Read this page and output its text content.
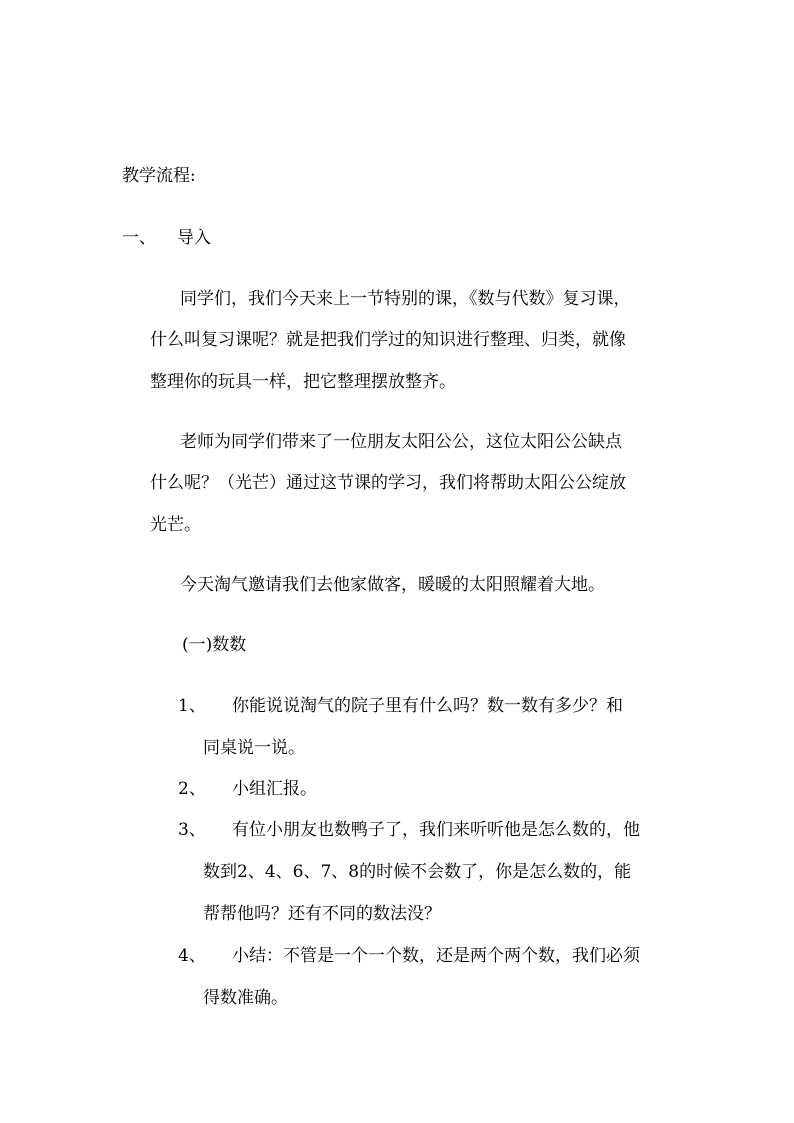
教学流程:
一、 导入
同学们，我们今天来上一节特别的课，《数与代数》复习课，
什么叫复习课呢？就是把我们学过的知识进行整理、归类，就像
整理你的玩具一样，把它整理摆放整齐。
老师为同学们带来了一位朋友太阳公公，这位太阳公公缺点
什么呢？（光芒）通过这节课的学习，我们将帮助太阳公公绽放
光芒。
今天淘气邀请我们去他家做客，暖暖的太阳照耀着大地。
(一)数数
1、 你能说说淘气的院子里有什么吗？数一数有多少？和
同桌说一说。
2、 小组汇报。
3、 有位小朋友也数鸭子了，我们来听听他是怎么数的，他
数到2、4、6、7、8的时候不会数了，你是怎么数的，能
帮帮他吗？还有不同的数法没？
4、 小结：不管是一个一个数，还是两个两个数，我们必须
得数准确。
